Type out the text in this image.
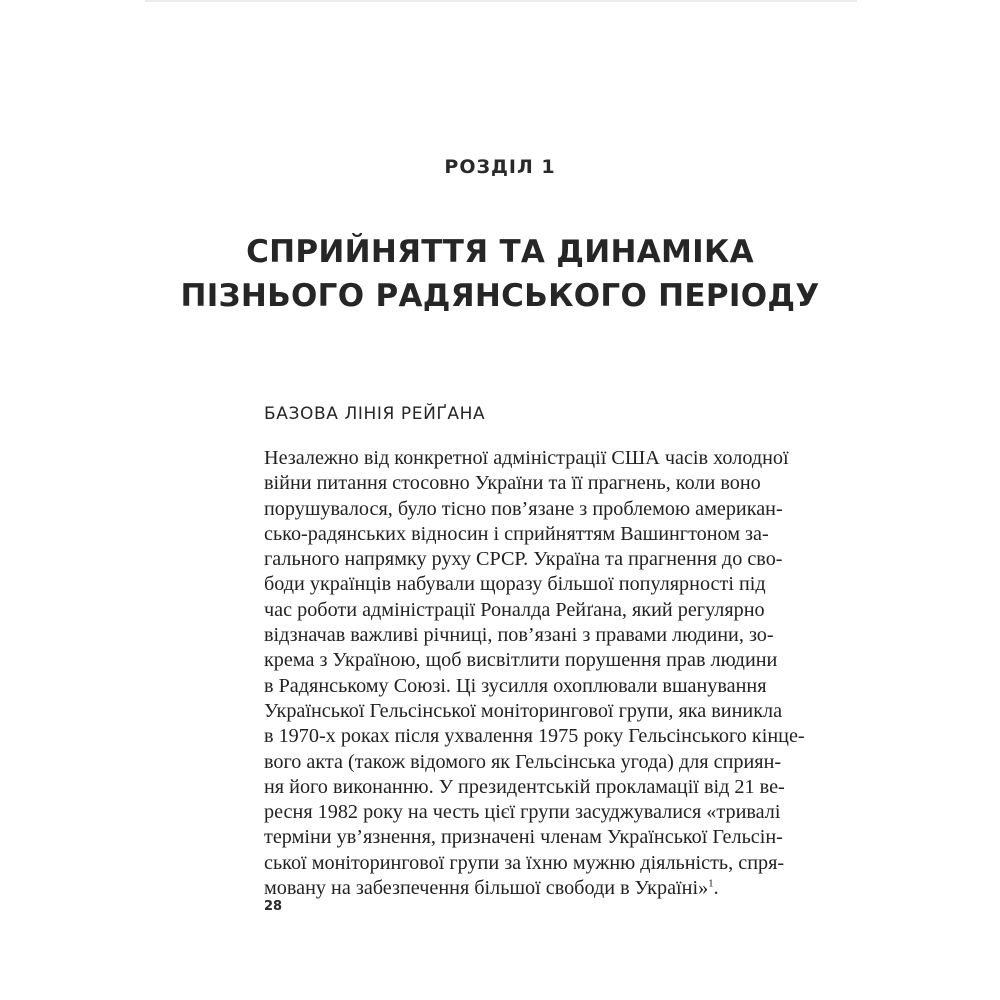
РОЗДІЛ 1
СПРИЙНЯТТЯ ТА ДИНАМІКА
ПІЗНЬОГО РАДЯНСЬКОГО ПЕРІОДУ
БАЗОВА ЛІНІЯ РЕЙҐАНА
Незалежно від конкретної адміністрації США часів холодної
війни питання стосовно України та її прагнень, коли воно
порушувалося, було тісно пов’язане з проблемою американ-
сько-радянських відносин і сприйняттям Вашингтоном за-
гального напрямку руху СРСР. Україна та прагнення до сво-
боди українців набували щоразу більшої популярності під
час роботи адміністрації Роналда Рейґана, який регулярно
відзначав важливі річниці, пов’язані з правами людини, зо-
крема з Україною, щоб висвітлити порушення прав людини
в Радянському Союзі. Ці зусилля охоплювали вшанування
Української Гельсінської моніторингової групи, яка виникла
в 1970-х роках після ухвалення 1975 року Гельсінського кінце-
вого акта (також відомого як Гельсінська угода) для сприян-
ня його виконанню. У президентській прокламації від 21 ве-
ресня 1982 року на честь цієї групи засуджувалися «тривалі
терміни ув’язнення, призначені членам Української Гельсін-
ської моніторингової групи за їхню мужню діяльність, спря-
мовану на забезпечення більшої свободи в Україні»$^1$.
28
